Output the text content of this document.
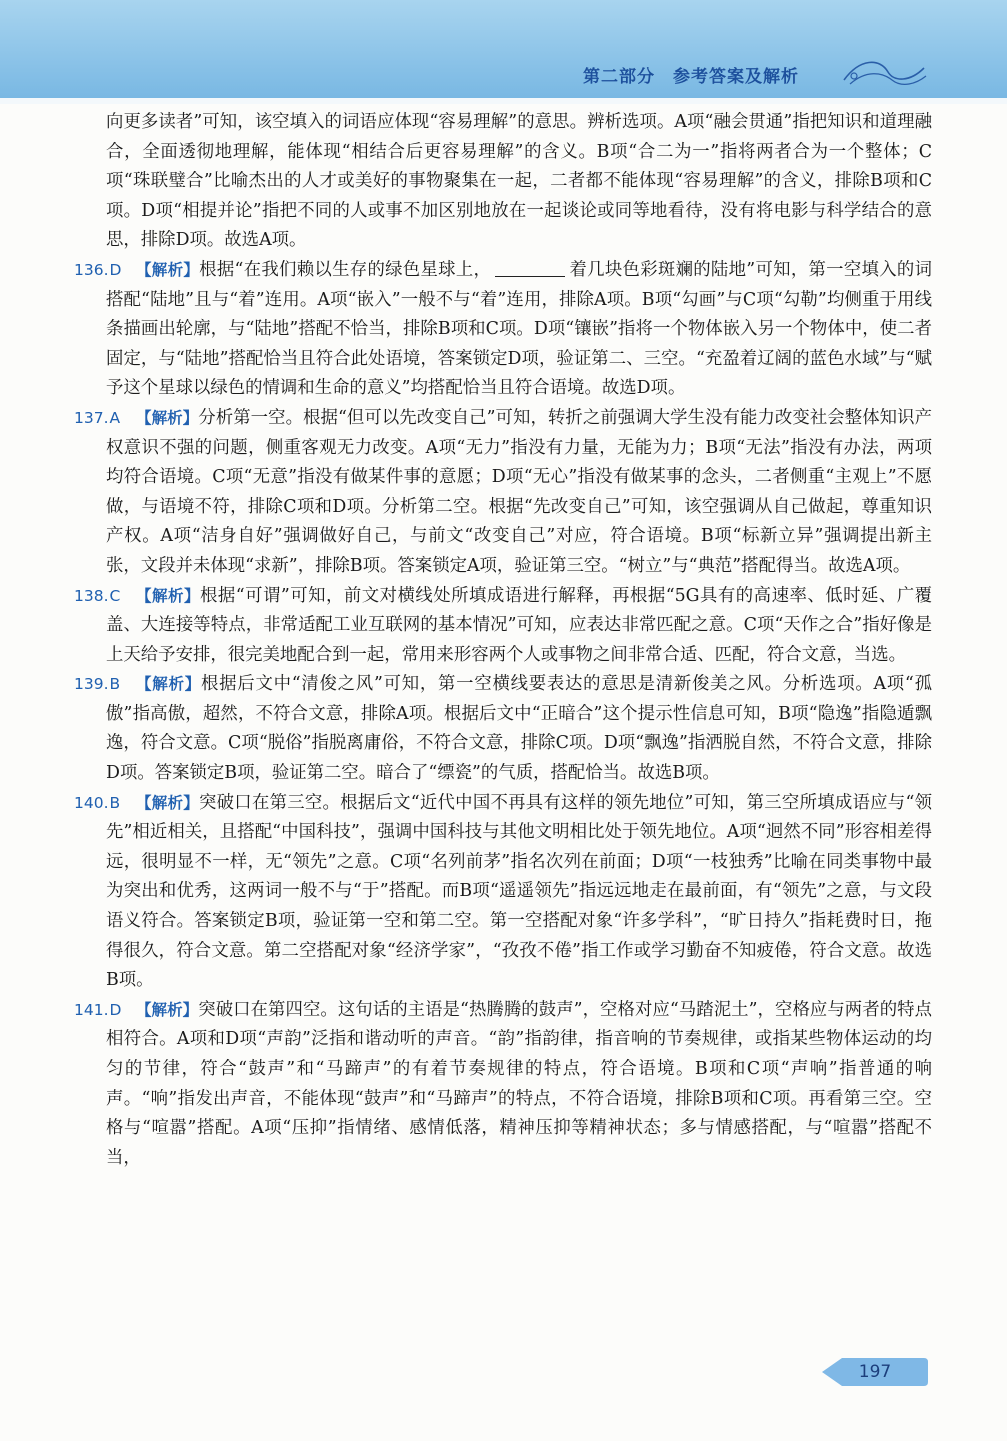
第二部分 参考答案及解析

向更多读者”可知，该空填入的词语应体现“容易理解”的意思。辨析选项。A项“融会贯通”指把知识和道理融合，全面透彻地理解，能体现“相结合后更容易理解”的含义。B项“合二为一”指将两者合为一个整体；C项“珠联璧合”比喻杰出的人才或美好的事物聚集在一起，二者都不能体现“容易理解”的含义，排除B项和C项。D项“相提并论”指把不同的人或事不加区别地放在一起谈论或同等地看待，没有将电影与科学结合的意思，排除D项。故选A项。

136.D 【解析】根据“在我们赖以生存的绿色星球上，	着几块色彩斑斓的陆地”可知，第一空填入的词搭配“陆地”且与“着”连用。A项“嵌入”一般不与“着”连用，排除A项。B项“勾画”与C项“勾勒”均侧重于用线条描画出轮廓，与“陆地”搭配不恰当，排除B项和C项。D项“镶嵌”指将一个物体嵌入另一个物体中，使二者固定，与“陆地”搭配恰当且符合此处语境，答案锁定D项，验证第二、三空。“充盈着辽阔的蓝色水域”与“赋予这个星球以绿色的情调和生命的意义”均搭配恰当且符合语境。故选D项。
137.A 【解析】分析第一空。根据“但可以先改变自己”可知，转折之前强调大学生没有能力改变社会整体知识产权意识不强的问题，侧重客观无力改变。A项“无力”指没有力量，无能为力；B项“无法”指没有办法，两项均符合语境。C项“无意”指没有做某件事的意愿；D项“无心”指没有做某事的念头，二者侧重“主观上”不愿做，与语境不符，排除C项和D项。分析第二空。根据“先改变自己”可知，该空强调从自己做起，尊重知识产权。A项“洁身自好”强调做好自己，与前文“改变自己”对应，符合语境。B项“标新立异”强调提出新主张，文段并未体现“求新”，排除B项。答案锁定A项，验证第三空。“树立”与“典范”搭配得当。故选A项。
138.C 【解析】根据“可谓”可知，前文对横线处所填成语进行解释，再根据“5G具有的高速率、低时延、广覆盖、大连接等特点，非常适配工业互联网的基本情况”可知，应表达非常匹配之意。C项“天作之合”指好像是上天给予安排，很完美地配合到一起，常用来形容两个人或事物之间非常合适、匹配，符合文意，当选。
139.B 【解析】根据后文中“清俊之风”可知，第一空横线要表达的意思是清新俊美之风。分析选项。A项“孤傲”指高傲，超然，不符合文意，排除A项。根据后文中“正暗合”这个提示性信息可知，B项“隐逸”指隐遁飘逸，符合文意。C项“脱俗”指脱离庸俗，不符合文意，排除C项。D项“飘逸”指洒脱自然，不符合文意，排除D项。答案锁定B项，验证第二空。暗合了“缥瓷”的气质，搭配恰当。故选B项。
140.B 【解析】突破口在第三空。根据后文“近代中国不再具有这样的领先地位”可知，第三空所填成语应与“领先”相近相关，且搭配“中国科技”，强调中国科技与其他文明相比处于领先地位。A项“迥然不同”形容相差得远，很明显不一样，无“领先”之意。C项“名列前茅”指名次列在前面；D项“一枝独秀”比喻在同类事物中最为突出和优秀，这两词一般不与“于”搭配。而B项“遥遥领先”指远远地走在最前面，有“领先”之意，与文段语义符合。答案锁定B项，验证第一空和第二空。第一空搭配对象“许多学科”，“旷日持久”指耗费时日，拖得很久，符合文意。第二空搭配对象“经济学家”，“孜孜不倦”指工作或学习勤奋不知疲倦，符合文意。故选B项。
141.D 【解析】突破口在第四空。这句话的主语是“热腾腾的鼓声”，空格对应“马踏泥土”，空格应与两者的特点相符合。A项和D项“声韵”泛指和谐动听的声音。“韵”指韵律，指音响的节奏规律，或指某些物体运动的均匀的节律，符合“鼓声”和“马蹄声”的有着节奏规律的特点，符合语境。B项和C项“声响”指普通的响声。“响”指发出声音，不能体现“鼓声”和“马蹄声”的特点，不符合语境，排除B项和C项。再看第三空。空格与“喧嚣”搭配。A项“压抑”指情绪、感情低落，精神压抑等精神状态；多与情感搭配，与“喧嚣”搭配不当，
197
